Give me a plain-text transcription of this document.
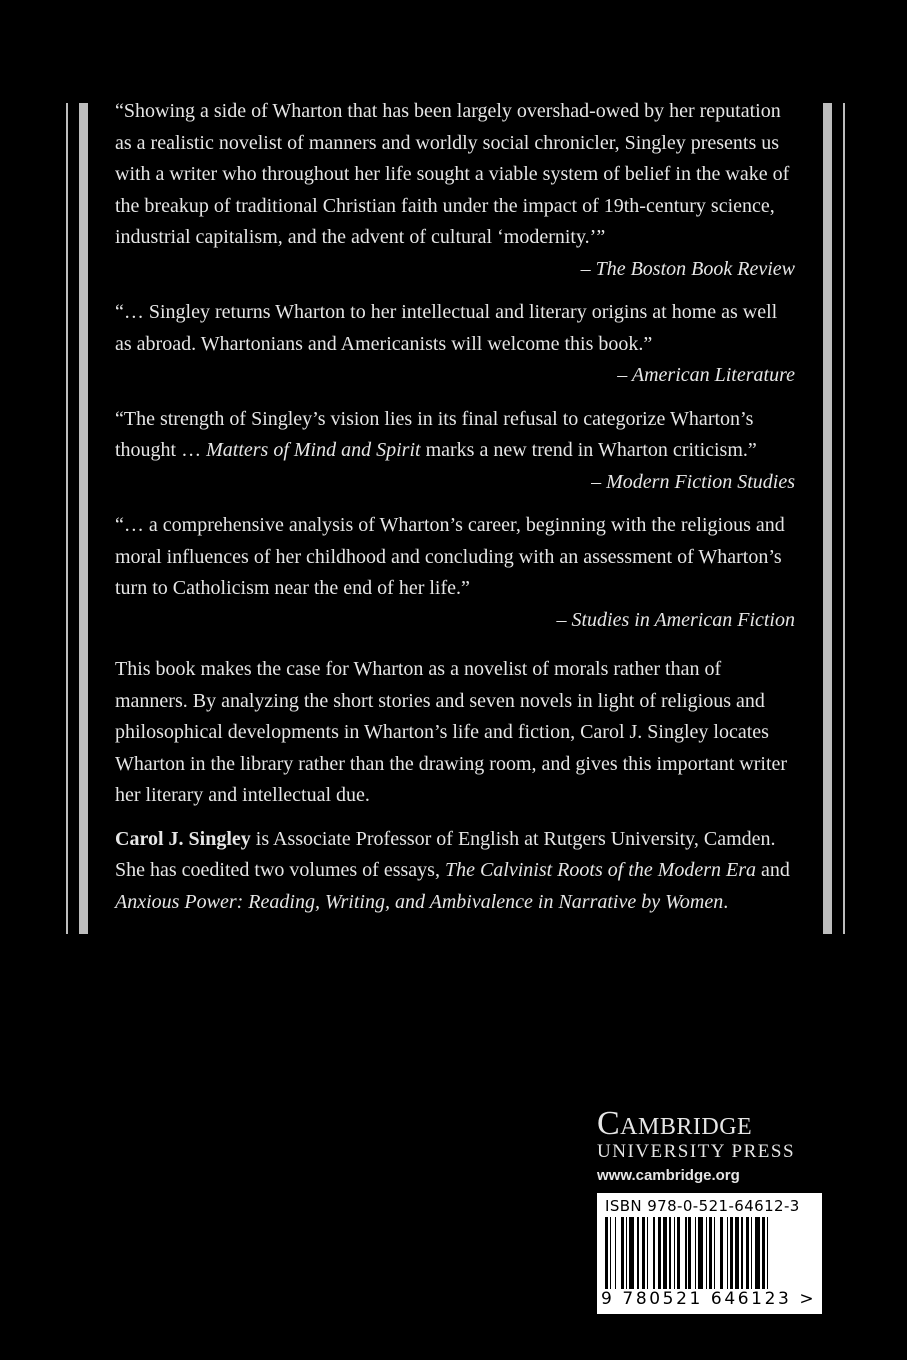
“Showing a side of Wharton that has been largely overshad-owed by her reputation as a realistic novelist of manners and worldly social chronicler, Singley presents us with a writer who throughout her life sought a viable system of belief in the wake of the breakup of traditional Christian faith under the impact of 19th-century science, industrial capitalism, and the advent of cultural ‘modernity.’”
– The Boston Book Review

“… Singley returns Wharton to her intellectual and literary origins at home as well as abroad. Whartonians and Americanists will welcome this book.”
– American Literature

“The strength of Singley’s vision lies in its final refusal to categorize Wharton’s thought … Matters of Mind and Spirit marks a new trend in Wharton criticism.”
– Modern Fiction Studies

“… a comprehensive analysis of Wharton’s career, beginning with the religious and moral influences of her childhood and concluding with an assessment of Wharton’s turn to Catholicism near the end of her life.”
– Studies in American Fiction

This book makes the case for Wharton as a novelist of morals rather than of manners. By analyzing the short stories and seven novels in light of religious and philosophical developments in Wharton’s life and fiction, Carol J. Singley locates Wharton in the library rather than the drawing room, and gives this important writer her literary and intellectual due.

Carol J. Singley is Associate Professor of English at Rutgers University, Camden. She has coedited two volumes of essays, The Calvinist Roots of the Modern Era and Anxious Power: Reading, Writing, and Ambivalence in Narrative by Women.

Cambridge
UNIVERSITY PRESS
www.cambridge.org
ISBN 978-0-521-64612-3
9 780521 646123 >
